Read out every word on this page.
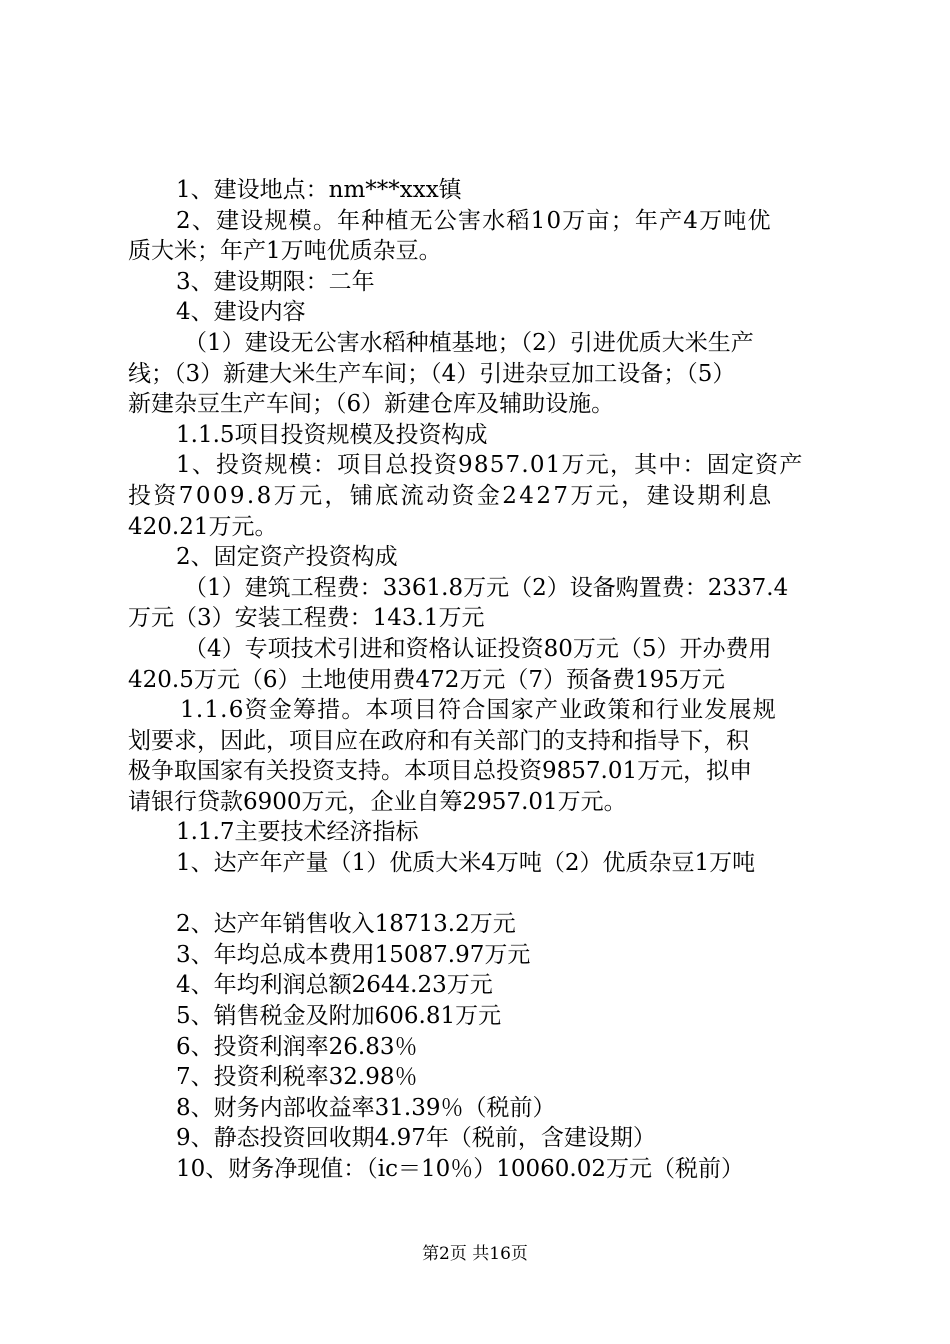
1、建设地点：nm***xxx镇
2、建设规模。年种植无公害水稻10万亩；年产4万吨优
质大米；年产1万吨优质杂豆。
3、建设期限：二年
4、建设内容
（1）建设无公害水稻种植基地；（2）引进优质大米生产
线；（3）新建大米生产车间；（4）引进杂豆加工设备；（5）
新建杂豆生产车间；（6）新建仓库及辅助设施。
1.1.5项目投资规模及投资构成
1、投资规模：项目总投资9857.01万元，其中：固定资产
投资7009.8万元，铺底流动资金2427万元，建设期利息
420.21万元。
2、固定资产投资构成
（1）建筑工程费：3361.8万元（2）设备购置费：2337.4
万元（3）安装工程费：143.1万元
（4）专项技术引进和资格认证投资80万元（5）开办费用
420.5万元（6）土地使用费472万元（7）预备费195万元
1.1.6资金筹措。本项目符合国家产业政策和行业发展规
划要求，因此，项目应在政府和有关部门的支持和指导下，积
极争取国家有关投资支持。本项目总投资9857.01万元，拟申
请银行贷款6900万元，企业自筹2957.01万元。
1.1.7主要技术经济指标
1、达产年产量（1）优质大米4万吨（2）优质杂豆1万吨
2、达产年销售收入18713.2万元
3、年均总成本费用15087.97万元
4、年均利润总额2644.23万元
5、销售税金及附加606.81万元
6、投资利润率26.83％
7、投资利税率32.98％
8、财务内部收益率31.39％（税前）
9、静态投资回收期4.97年（税前，含建设期）
10、财务净现值：（ic＝10％）10060.02万元（税前）
第2页 共16页
